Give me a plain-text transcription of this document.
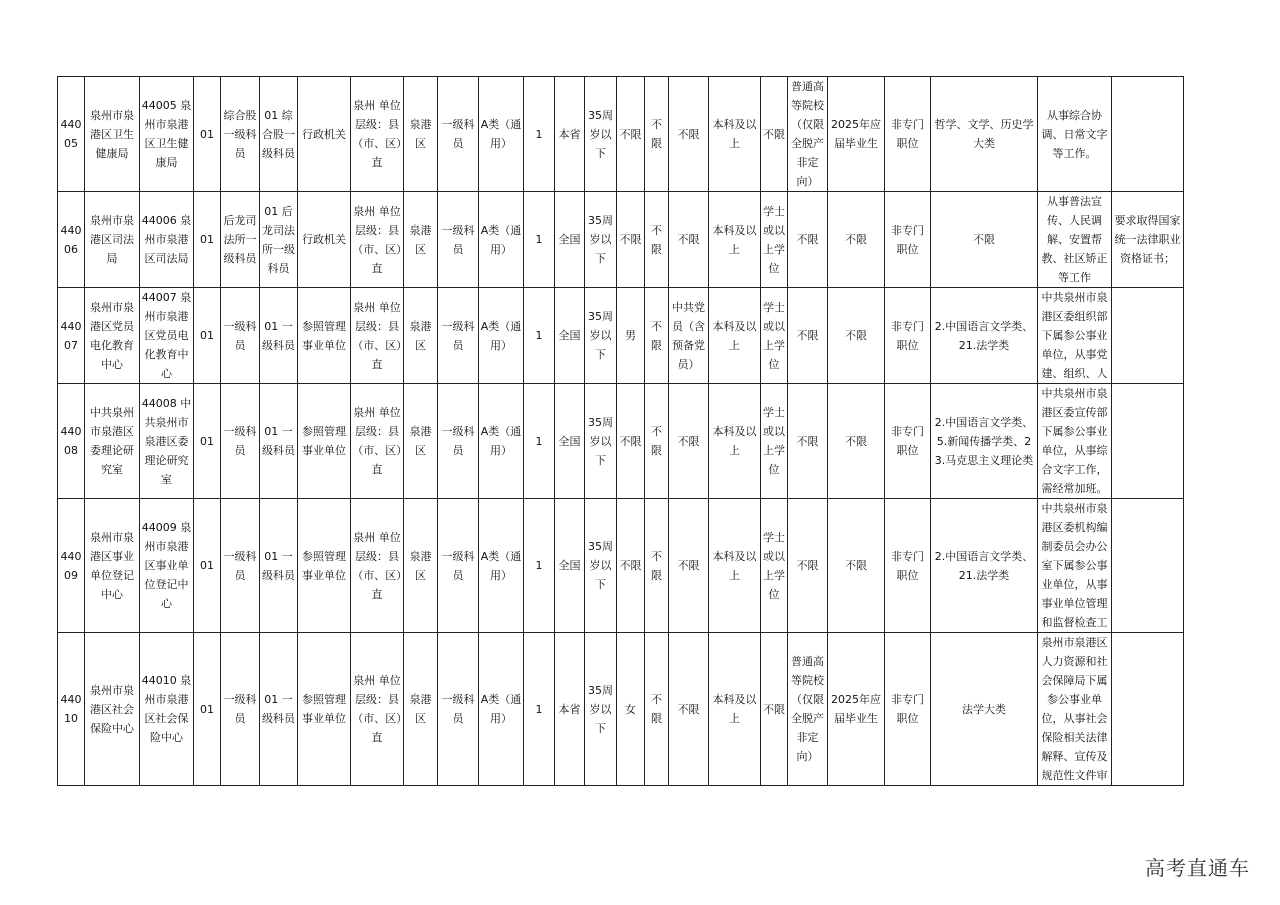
44005	泉州市泉港区卫生健康局	44005 泉州市泉港区卫生健康局	01	综合股一级科员	01 综合股一级科员	行政机关	泉州 单位层级：县（市、区）直	泉港区	一级科员	A类（通用）	1	本省	35周岁以下	不限	不限	不限	本科及以上	不限	普通高等院校（仅限全脱产非定向）	2025年应届毕业生	非专门职位	哲学、文学、历史学大类	从事综合协调、日常文字等工作。	
44006	泉州市泉港区司法局	44006 泉州市泉港区司法局	01	后龙司法所一级科员	01 后龙司法所一级科员	行政机关	泉州 单位层级：县（市、区）直	泉港区	一级科员	A类（通用）	1	全国	35周岁以下	不限	不限	不限	本科及以上	学士或以上学位	不限	不限	非专门职位	不限	从事普法宣传、人民调解、安置帮教、社区矫正等工作	要求取得国家统一法律职业资格证书；
44007	泉州市泉港区党员电化教育中心	44007 泉州市泉港区党员电化教育中心	01	一级科员	01 一级科员	参照管理事业单位	泉州 单位层级：县（市、区）直	泉港区	一级科员	A类（通用）	1	全国	35周岁以下	男	不限	中共党员（含预备党员）	本科及以上	学士或以上学位	不限	不限	非专门职位	2.中国语言文学类、21.法学类	中共泉州市泉港区委组织部下属参公事业单位，从事党建、组织、人	
44008	中共泉州市泉港区委理论研究室	44008 中共泉州市泉港区委理论研究室	01	一级科员	01 一级科员	参照管理事业单位	泉州 单位层级：县（市、区）直	泉港区	一级科员	A类（通用）	1	全国	35周岁以下	不限	不限	不限	本科及以上	学士或以上学位	不限	不限	非专门职位	2.中国语言文学类、5.新闻传播学类、23.马克思主义理论类	中共泉州市泉港区委宣传部下属参公事业单位，从事综合文字工作，需经常加班。	
44009	泉州市泉港区事业单位登记中心	44009 泉州市泉港区事业单位登记中心	01	一级科员	01 一级科员	参照管理事业单位	泉州 单位层级：县（市、区）直	泉港区	一级科员	A类（通用）	1	全国	35周岁以下	不限	不限	不限	本科及以上	学士或以上学位	不限	不限	非专门职位	2.中国语言文学类、21.法学类	中共泉州市泉港区委机构编制委员会办公室下属参公事业单位，从事事业单位管理和监督检查工	
44010	泉州市泉港区社会保险中心	44010 泉州市泉港区社会保险中心	01	一级科员	01 一级科员	参照管理事业单位	泉州 单位层级：县（市、区）直	泉港区	一级科员	A类（通用）	1	本省	35周岁以下	女	不限	不限	本科及以上	不限	普通高等院校（仅限全脱产非定向）	2025年应届毕业生	非专门职位	法学大类	泉州市泉港区人力资源和社会保障局下属参公事业单位，从事社会保险相关法律解释、宣传及规范性文件审	
高考直通车
